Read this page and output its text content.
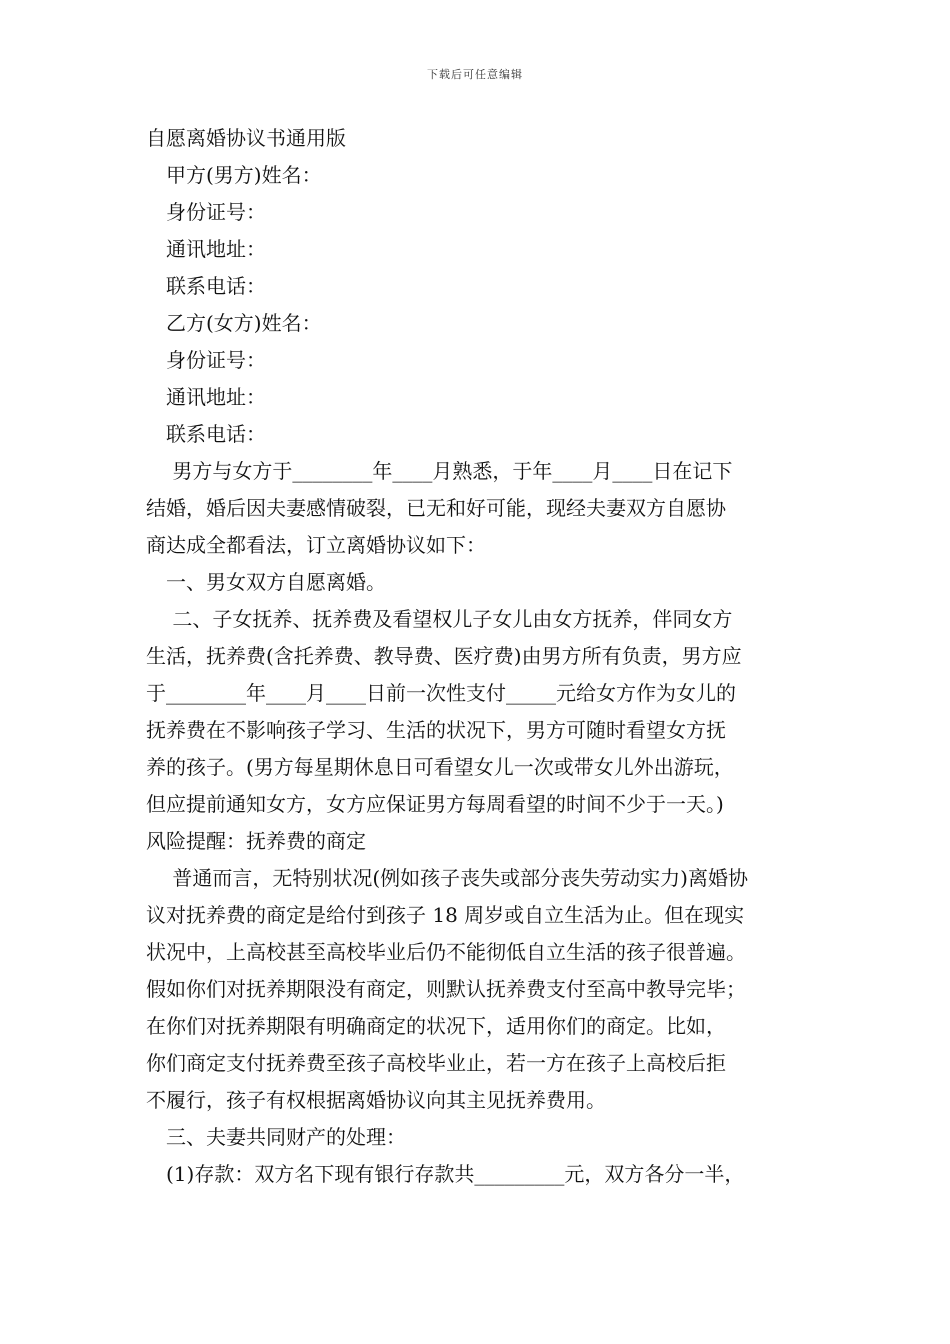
下载后可任意编辑
自愿离婚协议书通用版
甲方(男方)姓名：
身份证号：
通讯地址：
联系电话：
乙方(女方)姓名：
身份证号：
通讯地址：
联系电话：
男方与女方于________年____月熟悉，于年____月____日在记下
结婚，婚后因夫妻感情破裂，已无和好可能，现经夫妻双方自愿协
商达成全都看法，订立离婚协议如下：
一、男女双方自愿离婚。
二、子女抚养、抚养费及看望权儿子女儿由女方抚养，伴同女方
生活，抚养费(含托养费、教导费、医疗费)由男方所有负责，男方应
于________年____月____日前一次性支付_____元给女方作为女儿的
抚养费在不影响孩子学习、生活的状况下，男方可随时看望女方抚
养的孩子。(男方每星期休息日可看望女儿一次或带女儿外出游玩，
但应提前通知女方，女方应保证男方每周看望的时间不少于一天。)
风险提醒：抚养费的商定
普通而言，无特别状况(例如孩子丧失或部分丧失劳动实力)离婚协
议对抚养费的商定是给付到孩子 18 周岁或自立生活为止。但在现实
状况中，上高校甚至高校毕业后仍不能彻低自立生活的孩子很普遍。
假如你们对抚养期限没有商定，则默认抚养费支付至高中教导完毕；
在你们对抚养期限有明确商定的状况下，适用你们的商定。比如，
你们商定支付抚养费至孩子高校毕业止，若一方在孩子上高校后拒
不履行，孩子有权根据离婚协议向其主见抚养费用。
三、夫妻共同财产的处理：
(1)存款：双方名下现有银行存款共_________元，双方各分一半，
